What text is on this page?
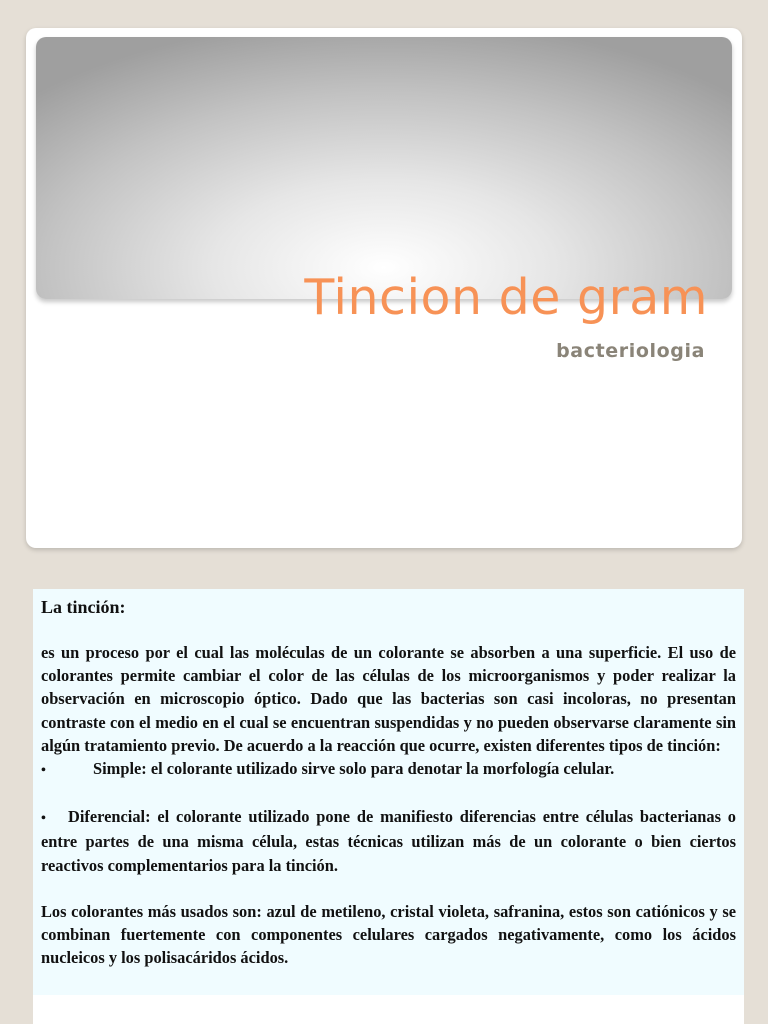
Tincion de gram
bacteriologia

La tinción:

es un proceso por el cual las moléculas de un colorante se absorben a una superficie. El uso de colorantes permite cambiar el color de las células de los microorganismos y poder realizar la observación en microscopio óptico. Dado que las bacterias son casi incoloras, no presentan contraste con el medio en el cual se encuentran suspendidas y no pueden observarse claramente sin algún tratamiento previo. De acuerdo a la reacción que ocurre, existen diferentes tipos de tinción:

•	Simple: el colorante utilizado sirve solo para denotar la morfología celular.

• Diferencial: el colorante utilizado pone de manifiesto diferencias entre células bacterianas o entre partes de una misma célula, estas técnicas utilizan más de un colorante o bien ciertos reactivos complementarios para la tinción.

Los colorantes más usados son: azul de metileno, cristal violeta, safranina, estos son catiónicos y se combinan fuertemente con componentes celulares cargados negativamente, como los ácidos nucleicos y los polisacáridos ácidos.
